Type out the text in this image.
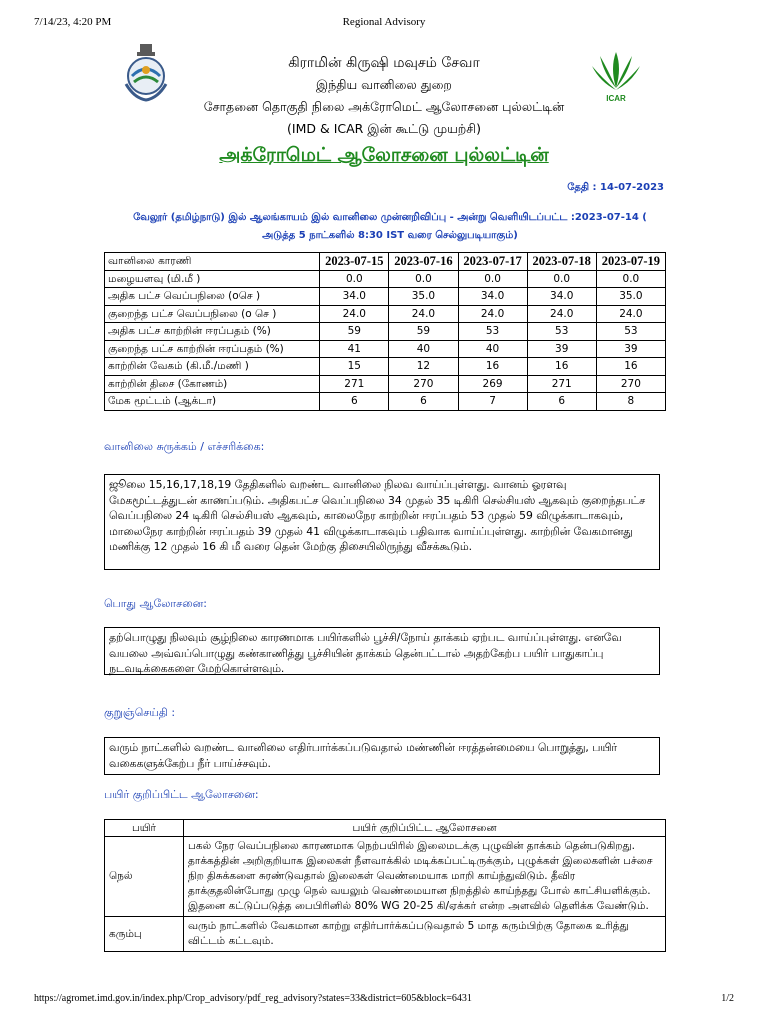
7/14/23, 4:20 PM	Regional Advisory
கிராமின் கிருஷி மவுசம் சேவா
இந்திய வானிலை துறை
சோதனை தொகுதி நிலை அக்ரோமெட் ஆலோசனை புல்லட்டின்
(IMD & ICAR இன் கூட்டு முயற்சி)
ICAR
அக்ரோமெட் ஆலோசனை புல்லட்டின்
தேதி : 14-07-2023
வேலூர் (தமிழ்நாடு) இல் ஆலங்காயம் இல் வானிலை முன்னறிவிப்பு - அன்று வெளியிடப்பட்ட :2023-07-14 ( அடுத்த 5 நாட்களில் 8:30 IST வரை செல்லுபடியாகும்)
வானிலை காரணி	2023-07-15	2023-07-16	2023-07-17	2023-07-18	2023-07-19
மழையளவு (மி.மீ )	0.0	0.0	0.0	0.0	0.0
அதிக பட்ச வெப்பநிலை (oசெ )	34.0	35.0	34.0	34.0	35.0
குறைந்த பட்ச வெப்பநிலை (o செ )	24.0	24.0	24.0	24.0	24.0
அதிக பட்ச காற்றின் ஈரப்பதம் (%)	59	59	53	53	53
குறைந்த பட்ச காற்றின் ஈரப்பதம் (%)	41	40	40	39	39
காற்றின் வேகம் (கி.மீ./மணி )	15	12	16	16	16
காற்றின் திசை (கோணம்)	271	270	269	271	270
மேக மூட்டம் (ஆக்டா)	6	6	7	6	8
வானிலை சுருக்கம் / எச்சரிக்கை:
ஜூலை 15,16,17,18,19 தேதிகளில் வறண்ட வானிலை நிலவ வாய்ப்புள்ளது. வானம் ஓரளவு மேகமூட்டத்துடன் காணப்படும். அதிகபட்ச வெப்பநிலை 34 முதல் 35 டிகிரி செல்சியஸ் ஆகவும் குறைந்தபட்ச வெப்பநிலை 24 டிகிரி செல்சியஸ் ஆகவும், காலைநேர காற்றின் ஈரப்பதம் 53 முதல் 59 விழுக்காடாகவும், மாலைநேர காற்றின் ஈரப்பதம் 39 முதல் 41 விழுக்காடாகவும் பதிவாக வாய்ப்புள்ளது. காற்றின் வேகமானது மணிக்கு 12 முதல் 16 கி மீ வரை தென் மேற்கு திசையிலிருந்து வீசக்கூடும்.
பொது ஆலோசனை:
தற்பொழுது நிலவும் சூழ்நிலை காரணமாக பயிர்களில் பூச்சி/நோய் தாக்கம் ஏற்பட வாய்ப்புள்ளது. எனவே வயலை அவ்வப்பொழுது கண்காணித்து பூச்சியின் தாக்கம் தென்பட்டால் அதற்கேற்ப பயிர் பாதுகாப்பு நடவடிக்கைகளை மேற்கொள்ளவும்.
குறுஞ்செய்தி :
வரும் நாட்களில் வறண்ட வானிலை எதிர்பார்க்கப்படுவதால் மண்ணின் ஈரத்தன்மையை பொறுத்து, பயிர் வகைகளுக்கேற்ப நீர் பாய்ச்சவும்.
பயிர் குறிப்பிட்ட ஆலோசனை:
பயிர்	பயிர் குறிப்பிட்ட ஆலோசனை
நெல்	பகல் நேர வெப்பநிலை காரணமாக நெற்பயிரில் இலைமடக்கு புழுவின் தாக்கம் தென்படுகிறது. தாக்கத்தின் அறிகுறியாக இலைகள் நீளவாக்கில் மடிக்கப்பட்டிருக்கும், புழுக்கள் இலைகளின் பச்சை நிற திசுக்களை சுரண்டுவதால் இலைகள் வெண்மையாக மாறி காய்ந்துவிடும். தீவிர தாக்குதலின்போது முழு நெல் வயலும் வெண்மையான நிறத்தில் காய்ந்தது போல் காட்சியளிக்கும். இதனை கட்டுப்படுத்த பைபிரினில் 80% WG 20-25 கி/ஏக்கர் என்ற அளவில் தெளிக்க வேண்டும்.
கரும்பு	வரும் நாட்களில் வேகமான காற்று எதிர்பார்க்கப்படுவதால் 5 மாத கரும்பிற்கு தோகை உரித்து விட்டம் கட்டவும்.
https://agromet.imd.gov.in/index.php/Crop_advisory/pdf_reg_advisory?states=33&district=605&block=6431	1/2
